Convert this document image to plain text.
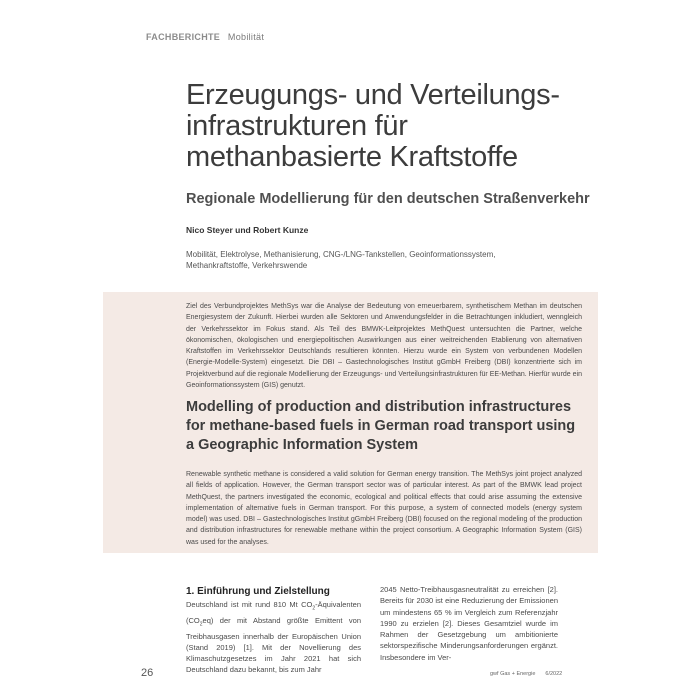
FACHBERICHTE Mobilität
Erzeugungs- und Verteilungsinfrastrukturen für methanbasierte Kraftstoffe
Regionale Modellierung für den deutschen Straßenverkehr
Nico Steyer und Robert Kunze
Mobilität, Elektrolyse, Methanisierung, CNG-/LNG-Tankstellen, Geoinformationssystem, Methankraftstoffe, Verkehrswende
Ziel des Verbundprojektes MethSys war die Analyse der Bedeutung von erneuerbarem, synthetischem Methan im deutschen Energiesystem der Zukunft. Hierbei wurden alle Sektoren und Anwendungsfelder in die Betrachtungen inkludiert, wenngleich der Verkehrssektor im Fokus stand. Als Teil des BMWK-Leitprojektes MethQuest untersuchten die Partner, welche ökonomischen, ökologischen und energiepolitischen Auswirkungen aus einer weitreichenden Etablierung von alternativen Kraftstoffen im Verkehrssektor Deutschlands resultieren könnten. Hierzu wurde ein System von verbundenen Modellen (Energie-Modelle-System) eingesetzt. Die DBI – Gastechnologisches Institut gGmbH Freiberg (DBI) konzentrierte sich im Projektverbund auf die regionale Modellierung der Erzeugungs- und Verteilungsinfrastrukturen für EE-Methan. Hierfür wurde ein Geoinformationssystem (GIS) genutzt.
Modelling of production and distribution infrastructures for methane-based fuels in German road transport using a Geographic Information System
Renewable synthetic methane is considered a valid solution for German energy transition. The MethSys joint project analyzed all fields of application. However, the German transport sector was of particular interest. As part of the BMWK lead project MethQuest, the partners investigated the economic, ecological and political effects that could arise assuming the extensive implementation of alternative fuels in German transport. For this purpose, a system of connected models (energy system model) was used. DBI – Gastechnologisches Institut gGmbH Freiberg (DBI) focused on the regional modeling of the production and distribution infrastructures for renewable methane within the project consortium. A Geographic Information System (GIS) was used for the analyses.
1. Einführung und Zielstellung
Deutschland ist mit rund 810 Mt $CO_2$-Äquivalenten $(CO_2eq)$ der mit Abstand größte Emittent von Treibhausgasen innerhalb der Europäischen Union (Stand 2019) [1]. Mit der Novellierung des Klimaschutzgesetzes im Jahr 2021 hat sich Deutschland dazu bekannt, bis zum Jahr
2045 Netto-Treibhausgasneutralität zu erreichen [2]. Bereits für 2030 ist eine Reduzierung der Emissionen um mindestens 65 % im Vergleich zum Referenzjahr 1990 zu erzielen [2]. Dieses Gesamtziel wurde im Rahmen der Gesetzgebung um ambitionierte sektorspezifische Minderungsanforderungen ergänzt. Insbesondere im Ver-
26	gwf Gas + Energie 6/2022
